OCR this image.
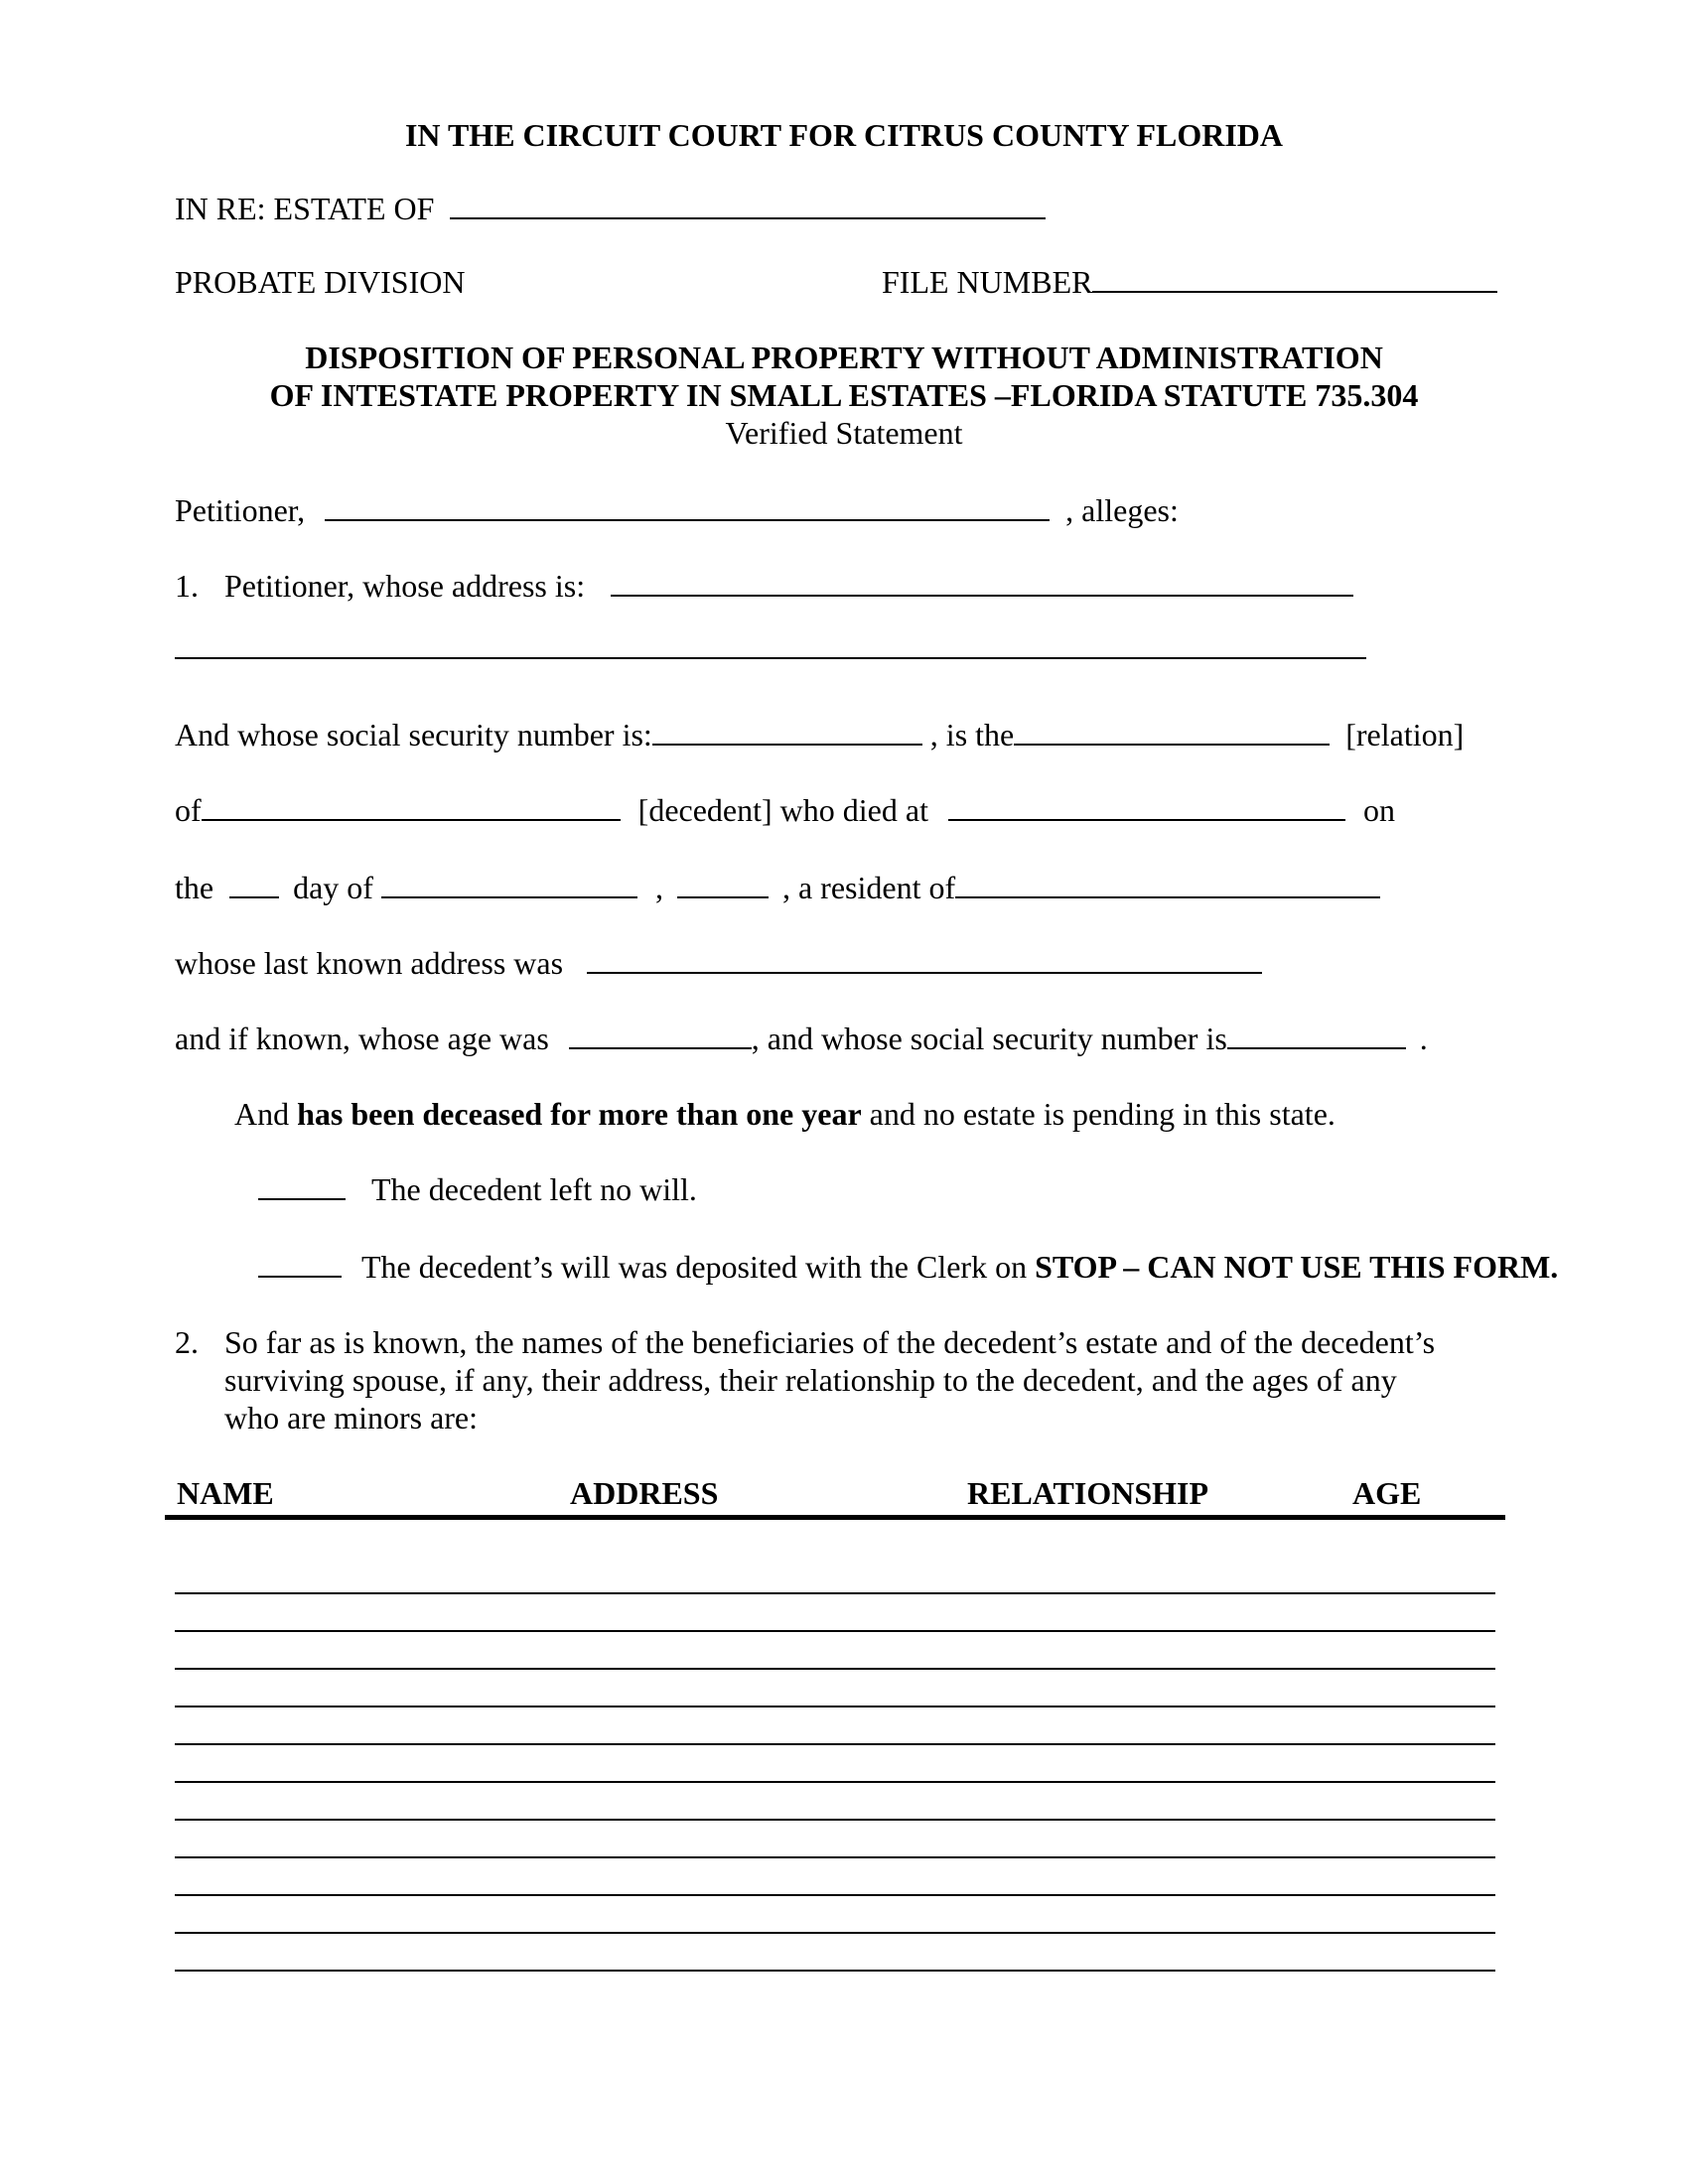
IN THE CIRCUIT COURT FOR CITRUS COUNTY FLORIDA
IN RE: ESTATE OF
PROBATE DIVISION	FILE NUMBER
DISPOSITION OF PERSONAL PROPERTY WITHOUT ADMINISTRATION
OF INTESTATE PROPERTY IN SMALL ESTATES –FLORIDA STATUTE 735.304
Verified Statement
Petitioner,	, alleges:
1. Petitioner, whose address is:
And whose social security number is:	, is the	[relation]
of	[decedent] who died at	on
the	day of	,	, a resident of
whose last known address was
and if known, whose age was	, and whose social security number is	.
And has been deceased for more than one year and no estate is pending in this state.
The decedent left no will.
The decedent’s will was deposited with the Clerk on STOP – CAN NOT USE THIS FORM.
2. So far as is known, the names of the beneficiaries of the decedent’s estate and of the decedent’s
surviving spouse, if any, their address, their relationship to the decedent, and the ages of any
who are minors are:
NAME	ADDRESS	RELATIONSHIP	AGE
